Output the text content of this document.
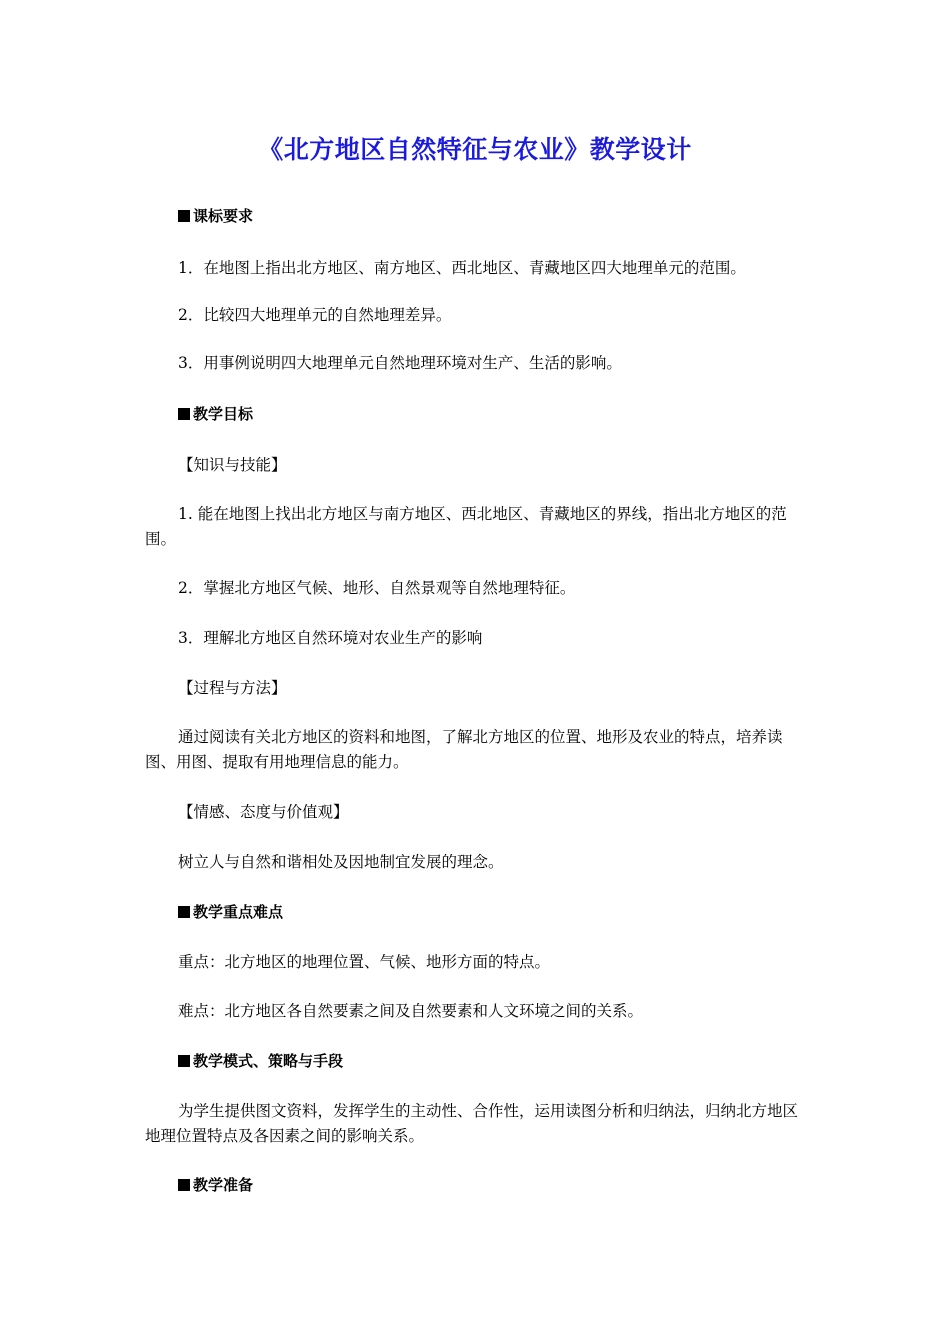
《北方地区自然特征与农业》教学设计
课标要求
1．在地图上指出北方地区、南方地区、西北地区、青藏地区四大地理单元的范围。
2．比较四大地理单元的自然地理差异。
3．用事例说明四大地理单元自然地理环境对生产、生活的影响。
教学目标
【知识与技能】
1. 能在地图上找出北方地区与南方地区、西北地区、青藏地区的界线，指出北方地区的范围。
2．掌握北方地区气候、地形、自然景观等自然地理特征。
3．理解北方地区自然环境对农业生产的影响
【过程与方法】
通过阅读有关北方地区的资料和地图，了解北方地区的位置、地形及农业的特点，培养读图、用图、提取有用地理信息的能力。
【情感、态度与价值观】
树立人与自然和谐相处及因地制宜发展的理念。
教学重点难点
重点：北方地区的地理位置、气候、地形方面的特点。
难点：北方地区各自然要素之间及自然要素和人文环境之间的关系。
教学模式、策略与手段
为学生提供图文资料，发挥学生的主动性、合作性，运用读图分析和归纳法，归纳北方地区地理位置特点及各因素之间的影响关系。
教学准备
